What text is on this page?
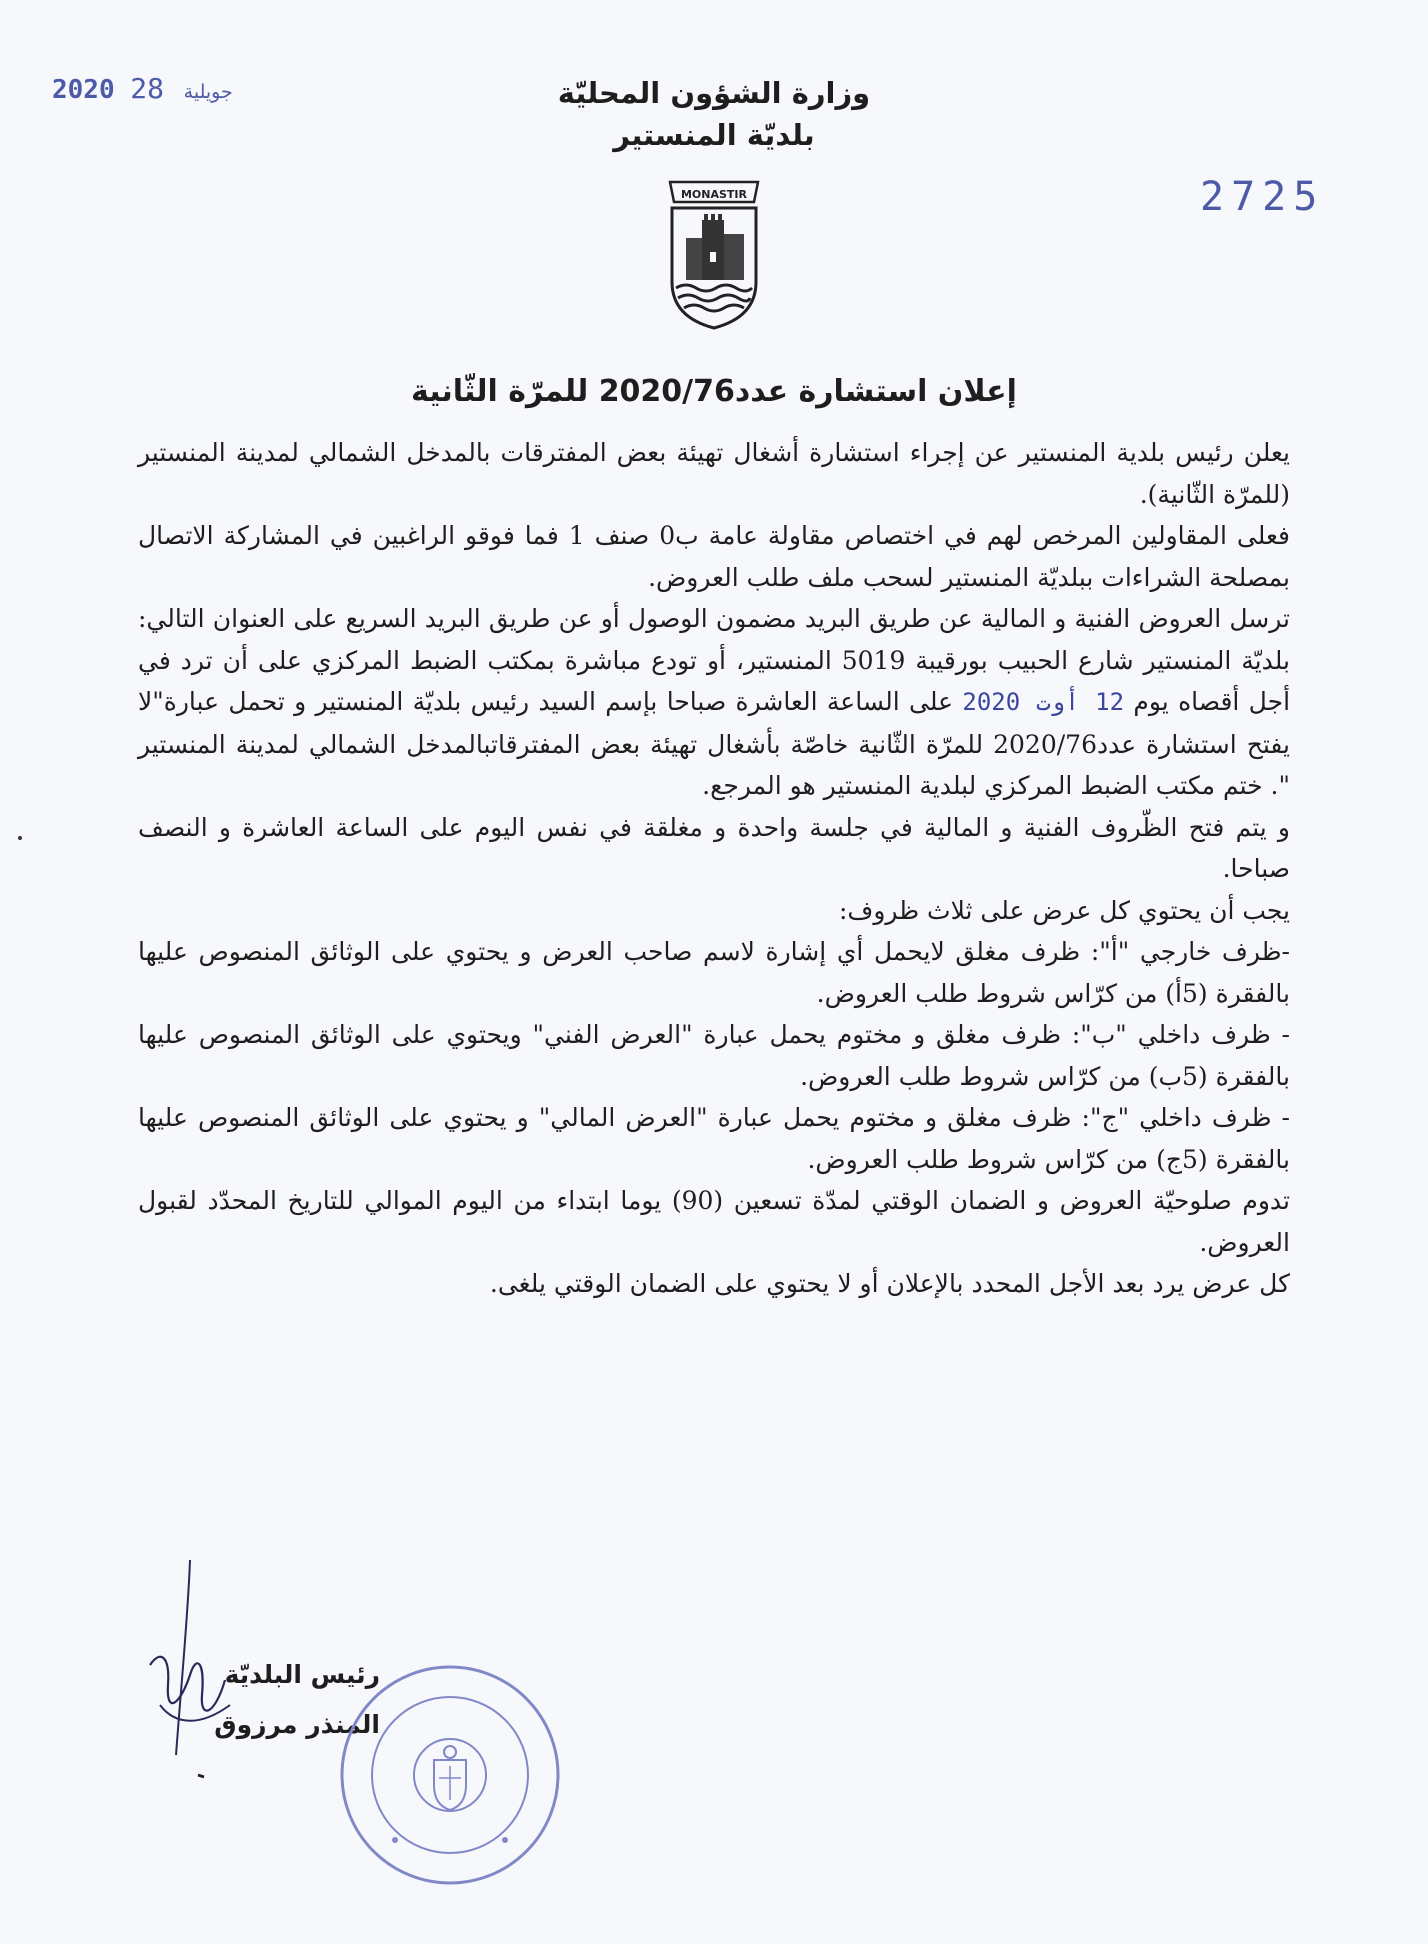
2020	جويلية 28
2725
وزارة الشؤون المحليّة
بلديّة المنستير
MONASTIR
إعلان استشارة عدد2020/76 للمرّة الثّانية

يعلن رئيس بلدية المنستير عن إجراء استشارة أشغال تهيئة بعض المفترقات بالمدخل الشمالي لمدينة المنستير (للمرّة الثّانية).

فعلى المقاولين المرخص لهم في اختصاص مقاولة عامة ب0 صنف 1 فما فوقو الراغبين في المشاركة الاتصال بمصلحة الشراءات ببلديّة المنستير لسحب ملف طلب العروض.

ترسل العروض الفنية و المالية عن طريق البريد مضمون الوصول أو عن طريق البريد السريع على العنوان التالي: بلديّة المنستير شارع الحبيب بورقيبة 5019 المنستير، أو تودع مباشرة بمكتب الضبط المركزي على أن ترد في أجل أقصاه يوم 12 أوت 2020 على الساعة العاشرة صباحا بإسم السيد رئيس بلديّة المنستير و تحمل عبارة"لا يفتح استشارة عدد2020/76 للمرّة الثّانية خاصّة بأشغال تهيئة بعض المفترقاتبالمدخل الشمالي لمدينة المنستير ". ختم مكتب الضبط المركزي لبلدية المنستير هو المرجع.

و يتم فتح الظّروف الفنية و المالية في جلسة واحدة و مغلقة في نفس اليوم على الساعة العاشرة و النصف صباحا.

يجب أن يحتوي كل عرض على ثلاث ظروف:

-ظرف خارجي "أ": ظرف مغلق لايحمل أي إشارة لاسم صاحب العرض و يحتوي على الوثائق المنصوص عليها بالفقرة (5أ) من كرّاس شروط طلب العروض.

- ظرف داخلي "ب": ظرف مغلق و مختوم يحمل عبارة "العرض الفني" ويحتوي على الوثائق المنصوص عليها بالفقرة (5ب) من كرّاس شروط طلب العروض.

- ظرف داخلي "ج": ظرف مغلق و مختوم يحمل عبارة "العرض المالي" و يحتوي على الوثائق المنصوص عليها بالفقرة (5ج) من كرّاس شروط طلب العروض.

تدوم صلوحيّة العروض و الضمان الوقتي لمدّة تسعين (90) يوما ابتداء من اليوم الموالي للتاريخ المحدّد لقبول العروض.

كل عرض يرد بعد الأجل المحدد بالإعلان أو لا يحتوي على الضمان الوقتي يلغى.

رئيس البلديّة
المنذر مرزوق
